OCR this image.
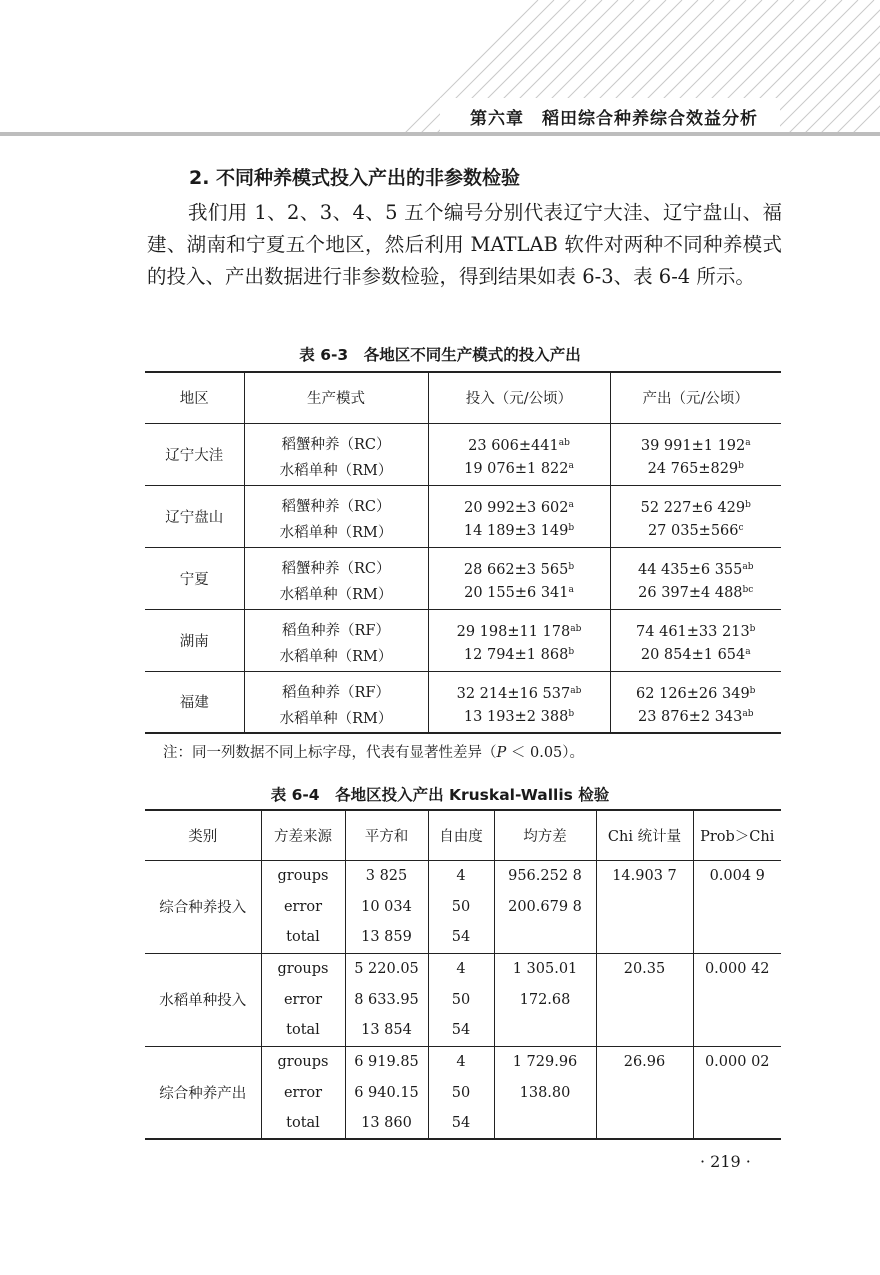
第六章　稻田综合种养综合效益分析
2. 不同种养模式投入产出的非参数检验

我们用 1、2、3、4、5 五个编号分别代表辽宁大洼、辽宁盘山、福建、湖南和宁夏五个地区，然后利用 MATLAB 软件对两种不同种养模式的投入、产出数据进行非参数检验，得到结果如表 6-3、表 6-4 所示。

表 6-3　各地区不同生产模式的投入产出
地区	生产模式	投入（元/公顷）	产出（元/公顷）
辽宁大洼	稻蟹种养（RC）	23 $606\pm 441^{ab}$	39 991±1 192$^a$
	水稻单种（RM）	19 076±1 822$^a$	24 $765\pm 829^b$
辽宁盘山	稻蟹种养（RC）	20 992±3 602$^a$	52 227±6 429$^b$
	水稻单种（RM）	14 189±3 149$^b$	27 $035\pm 566^c$
宁夏	稻蟹种养（RC）	28 662±3 565$^b$	44 435±6 $355^{ab}$
	水稻单种（RM）	20 155±6 341$^a$	26 397±4 $488^{bc}$
湖南	稻鱼种养（RF）	29 198±11 $178^{ab}$	74 461±33 213$^b$
	水稻单种（RM）	12 794±1 868$^b$	20 854±1 654$^a$
福建	稻鱼种养（RF）	32 214±16 $537^{ab}$	62 126±26 349$^b$
	水稻单种（RM）	13 193±2 388$^b$	23 876±2 $343^{ab}$
注：同一列数据不同上标字母，代表有显著性差异（P ＜ 0.05）。
表 6-4　各地区投入产出 Kruskal-Wallis 检验
类别	方差来源	平方和	自由度	均方差	Chi 统计量	Prob＞Chi
综合种养投入	groups	3 825	4	956.252 8	14.903 7	0.004 9
	error	10 034	50	200.679 8		
	total	13 859	54			
水稻单种投入	groups	5 220.05	4	1 305.01	20.35	0.000 42
	error	8 633.95	50	172.68		
	total	13 854	54			
综合种养产出	groups	6 919.85	4	1 729.96	26.96	0.000 02
	error	6 940.15	50	138.80		
	total	13 860	54			
· 219 ·
